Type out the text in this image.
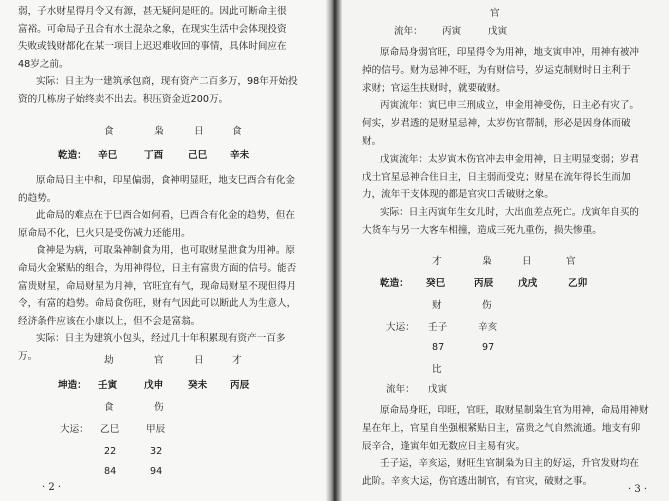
弱，子水财星得月令又有源，甚无疑问是旺的。因此可断命主很
富裕。可命局子丑合有水土混杂之象，在现实生活中会体现投资
失败或钱财都化在某一项目上迟迟难收回的事情，具体时间应在
48岁之前。
实际：日主为一建筑承包商，现有资产二百多万，98年开始投
资的几栋房子始终卖不出去。积压资金近200万。
食	枭	日	食
乾造： 辛巳	丁酉	己巳 辛未
原命局日主中和，印星偏弱，食神明显旺，地支巳酉合有化金
的趋势。
此命局的难点在于巳酉合如何看，巳酉合有化金的趋势，但在
原命局不化，巳火只是受伤减力还能用。
食神是为病，可取枭神制食为用，也可取财星泄食为用神。原
命局火金紧贴的组合，为用神得位，日主有富贵方面的信号。能否
富贵财星，命局财星为月神，官旺宜有气，现命局财星不现但得月
令，有富的趋势。命局食伤旺，财有气因此可以断此人为生意人，
经济条件应该在小康以上，但不会是富翁。
实际：日主为建筑小包头，经过几十年积累现有资产一百多
万。	劫	官	日	才
坤造： 壬寅	戊申	癸未 丙辰
食	伤
大运： 乙巳	甲辰
22	32
84	94
· 2 ·
官
流年： 丙寅	戊寅
原命局身弱官旺，印星得令为用神，地支寅申冲，用神有被冲
掉的信号。财为忌神不旺，为有财信号，岁运克制财时日主利于
求财；官运生扶财时，就要破财。
丙寅流年：寅巳申三刑成立，申金用神受伤，日主必有灾了。
何实，岁君透的是财星忌神，太岁伤官帮制，形必是因身体而破
财。
戊寅流年：太岁寅木伤官冲去申金用神，日主明显变弱；岁君
戊土官星忌神合住日主，日主弱而受克；财星在流年得长生而加
力，流年干支体现的都是官灾口舌破财之象。
实际：日主丙寅年生女儿时，大出血差点死亡。戊寅年自买的
大货车与另一大客车相撞，造成三死九重伤，损失惨重。
才	枭	日	官
乾造： 癸巳	丙辰	戊戌	乙卯
财	伤
大运： 壬子	辛亥
87	97
比
流年： 戊寅
原命局身旺，印旺，官旺，取财星制枭生官为用神，命局用神财
星在年上，官星自坐强根紧贴日主，富贵之气自然流通。地支有卯
辰辛合，逢寅年如无数应日主易有灾。
壬子运，辛亥运，财旺生官制枭为日主的好运，升官发财均在
此阶。辛亥大运，伤官透出制官，有官灾，破财之事。
· 3 ·
